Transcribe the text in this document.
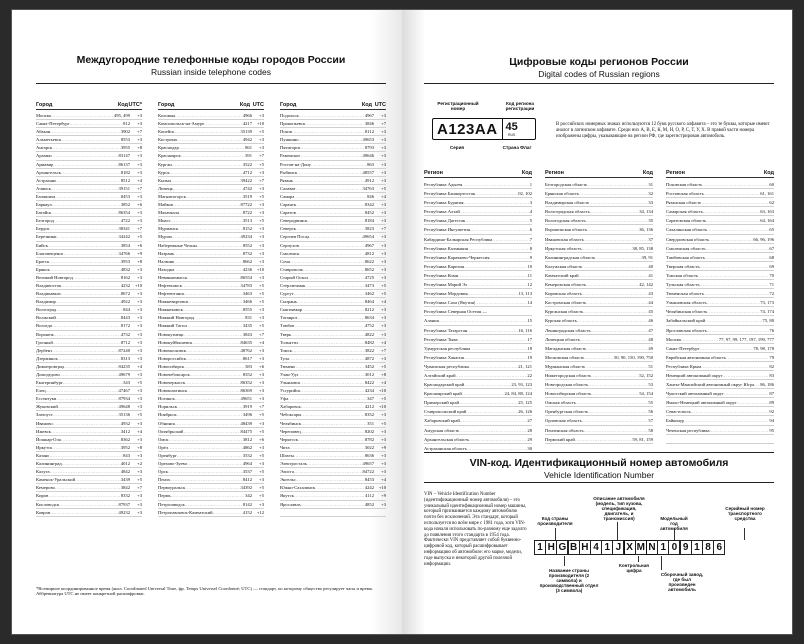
Междугородние телефонные коды городов России
Russian inside telephone codes
Город	Код UTC*
Москва .....	495, 499	+3
Санкт-Петербург .....	812	+3
Абакан .....	3902	+7
Альметьевск .....	8553	+3
Ангарск .....	3955	+8
Арзамас .....	83147	+3
Армавир .....	86137	+3
Архангельск .....	8182	+3
Астрахань .....	8512	+4
Ачинск .....	39151	+7
Балашиха .....	8453	+3
Барнаул .....	3852	+6
Батайск .....	86354	+3
Белгород .....	4722	+3
Бердск .....	38341	+7
Березники .....	34242	+5
Бийск .....	3854	+6
Благовещенск .....	34766	+9
Братск .....	3953	+8
Брянск .....	4832	+3
Великий Новгород .....	8162	+3
Владивосток .....	4232	+10
Владикавказ .....	8672	+3
Владимир .....	4922	+3
Волгоград .....	844	+3
Волжский .....	8443	+3
Вологда .....	8172	+3
Воронеж .....	4732	+3
Грозный .....	8712	+3
Дербент .....	87240	+3
Дзержинск .....	8313	+3
Димитровград .....	84235	+4
Домодедово .....	49679	+3
Екатеринбург .....	343	+5
Елец .....	47467	+3
Ессентуки .....	87934	+3
Жуковский .....	49648	+3
Златоуст .....	35136	+5
Иваново .....	4932	+3
Ижевск .....	3412	+4
Йошкар-Ола .....	8362	+3
Иркутск .....	3952	+8
Казань .....	843	+3
Калининград .....	4012	+2
Калуга .....	4842	+3
Каменск-Уральский .....	3439	+5
Кемерово .....	3842	+7
Киров .....	8332	+3
Кисловодск .....	87937	+3
Ковров .....	49232	+3
Город	Код UTC
Коломна .....	4966	+3
Комсомольск-на-Амуре .....	4217	+10
Копейск .....	35139	+5
Кострома .....	4942	+3
Краснодар .....	861	+3
Красноярск .....	391	+7
Курган .....	3522	+5
Курск .....	4712	+3
Кызыл .....	39422	+7
Липецк .....	4742	+3
Магнитогорск .....	3519	+5
Майкоп .....	87722	+3
Махачкала .....	8722	+3
Миасс .....	3513	+5
Мурманск .....	8152	+3
Муром .....	49234	+3
Набережные Челны .....	8552	+3
Назрань .....	8732	+3
Нальчик .....	8662	+3
Находка .....	4236	+10
Невинномысск .....	86554	+3
Нефтекамск .....	34783	+5
Нефтеюганск .....	3463	+5
Нижневартовск .....	3466	+5
Нижнекамск .....	8555	+3
Нижний Новгород .....	831	+3
Нижний Тагил .....	3435	+5
Новокузнецк .....	3843	+7
Новокуйбышевск .....	84635	+4
Новомосковск .....	48762	+3
Новороссийск .....	8617	+3
Новосибирск .....	383	+6
Новочебоксарск .....	8352	+3
Новочеркасск .....	86352	+3
Новошахтинск .....	86369	+3
Ногинск .....	49651	+3
Норильск .....	3919	+7
Ноябрьск .....	3496	+5
Обнинск .....	48439	+3
Октябрьский .....	84475	+5
Омск .....	3812	+6
Орёл .....	4862	+3
Оренбург .....	3532	+5
Орехово-Зуево .....	4964	+3
Орск .....	3537	+5
Пенза .....	8412	+3
Первоуральск .....	34392	+5
Пермь .....	342	+5
Петрозаводск .....	8142	+3
Петропавловск-Камчатский .....	4152	+12
Город	Код UTC
Подольск .....	4967	+3
Прокопьевск .....	3846	+7
Псков .....	8112	+3
Пушкино .....	49653	+3
Пятигорск .....	8793	+3
Раменское .....	49646	+3
Ростов-на-Дону .....	863	+3
Рыбинск .....	48557	+3
Рязань .....	4912	+3
Салават .....	34763	+5
Самара .....	846	+4
Саранск .....	8342	+3
Саратов .....	8452	+3
Северодвинск .....	8184	+3
Северск .....	3823	+7
Сергиев Посад .....	49654	+3
Серпухов .....	4967	+3
Смоленск .....	4812	+3
Сочи .....	8622	+3
Ставрополь .....	8652	+3
Старый Оскол .....	4725	+3
Стерлитамак .....	3473	+5
Сургут .....	3462	+5
Сызрань .....	8464	+4
Сыктывкар .....	8212	+3
Таганрог .....	8634	+3
Тамбов .....	4752	+3
Тверь .....	4822	+3
Тольятти .....	8482	+4
Томск .....	3822	+7
Тула .....	4872	+3
Тюмень .....	3452	+5
Улан-Удэ .....	3012	+8
Ульяновск .....	8422	+4
Уссурийск .....	4234	+10
Уфа .....	347	+5
Хабаровск .....	4212	+10
Чебоксары .....	8352	+3
Челябинск .....	351	+5
Череповец .....	8202	+3
Черкесск .....	8782	+3
Чита .....	3022	+9
Шахты .....	8636	+3
Электросталь .....	49657	+3
Элиста .....	84722	+3
Энгельс .....	8453	+4
Южно-Сахалинск .....	4242	+10
Якутск .....	4112	+9
Ярославль .....	4852	+3
*Всемирное координированное время (англ. Coordinated Universal Time, фр. Temps Universel Coordonné; UTC) — стандарт, по которому общество регулирует часы и время. Аббревиатура UTC не имеет конкретной расшифровки.
Цифровые коды регионов России
Digital codes of Russian regions
Регистрационный номер
Код региона регистрации
А123АА 45
RUS
Серия	Страна Флаг
В российских номерных знаках используются 12 букв русского алфавита – это те буквы, которые имеют аналог в латинском алфавите. Среди них А, В, Е, К, М, Н, О, Р, С, Т, У, Х. В правой части номера изображены цифры, указывающие на регион РФ, где зарегистрирован автомобиль.
Регион	Код
Республика Адыгея .....	1
Республика Башкортостан .....	02, 102
Республика Бурятия .....	3
Республика Алтай .....	4
Республика Дагестан .....	5
Республика Ингушетия .....	6
Кабардино-Балкарская Республика .....	7
Республика Калмыкия .....	8
Республика Карачаево-Черкессия .....	9
Республика Карелия .....	10
Республика Коми .....	11
Республика Марий Эл .....	12
Республика Мордовия .....	13, 113
Республика Саха (Якутия) .....	14
Республика Северная Осетия —
Алания .....	15
Республика Татарстан .....	16, 116
Республика Тыва .....	17
Удмуртская республика .....	18
Республика Хакасия .....	19
Чувашская республика .....	21, 121
Алтайский край .....	22
Краснодарский край .....	23, 93, 123
Красноярский край .....	24, 84, 88, 124
Приморский край .....	25, 125
Ставропольский край .....	26, 126
Хабаровский край .....	27
Амурская область .....	28
Архангельская область .....	29
Астраханская область .....	30
Регион	Код
Белгородская область .....	31
Брянская область .....	32
Владимирская область .....	33
Волгоградская область .....	34, 134
Вологодская область .....	35
Воронежская область .....	36, 136
Ивановская область .....	37
Иркутская область .....	38, 85, 138
Калининградская область .....	39, 91
Калужская область .....	40
Камчатский край .....	41
Кемеровская область .....	42, 142
Кировская область .....	43
Костромская область .....	44
Курганская область .....	45
Курская область .....	46
Ленинградская область .....	47
Липецкая область .....	48
Магаданская область .....	49
Московская область .....	50, 90, 150, 190, 750
Мурманская область .....	51
Нижегородская область .....	52, 152
Новгородская область .....	53
Новосибирская область .....	54, 154
Омская область .....	55
Оренбургская область .....	56
Орловская область .....	57
Пензенская область .....	58
Пермский край .....	59, 81, 159
Регион	Код
Псковская область .....	60
Ростовская область .....	61, 161
Рязанская область .....	62
Самарская область .....	63, 163
Саратовская область .....	64, 164
Сахалинская область .....	65
Свердловская область .....	66, 96, 196
Смоленская область .....	67
Тамбовская область .....	68
Тверская область .....	69
Томская область .....	70
Тульская область .....	71
Тюменская область .....	72
Ульяновская область .....	73, 173
Челябинская область .....	74, 174
Забайкальский край .....	75, 80
Ярославская область .....	76
Москва .....	77, 97, 99, 177, 197, 199, 777
Санкт-Петербург .....	78, 98, 178
Еврейская автономная область .....	79
Республика Крым .....	82
Ненецкий автономный округ .....	83
Ханты-Мансийский автономный округ Югра ..... 86, 186
Чукотский автономный округ .....	87
Ямало-Ненецкий автономный округ .....	89
Севастополь .....	92
Байконур .....	94
Чеченская республика .....	95
VIN-код. Идентификационный номер автомобиля
Vehicle Identification Number
VIN – Vehicle Identification Number (идентификационный номер автомобиля) – это уникальный идентификационный номер машины, который присваивается каждому автомобилю почти без исключений. Эта стандарт, который используется во всём мире с 1981 года, хотя VIN-кода начали использовать по-разному еще задолго до появления этого стандарта в 1954 года. Фактически VIN представляет собой буквенно-цифровой код, который расшифровывает информацию об автомобиле: его марке, модели, годе выпуска и некоторой другой полезной информации.
Код страны производителя
Описание автомобиля (модель, тип кузова, спецификация, двигатель, и трансмиссия)	Модельный год автомобиля
Серийный номер транспортного средства
1 H G B H 4 1 J X M N 1 0 9 1 8 6
Название страны производителя (2 символа) и производственный отдел (3 символа)
Контрольная цифра
Сборочный завод, где был произведен автомобиль
